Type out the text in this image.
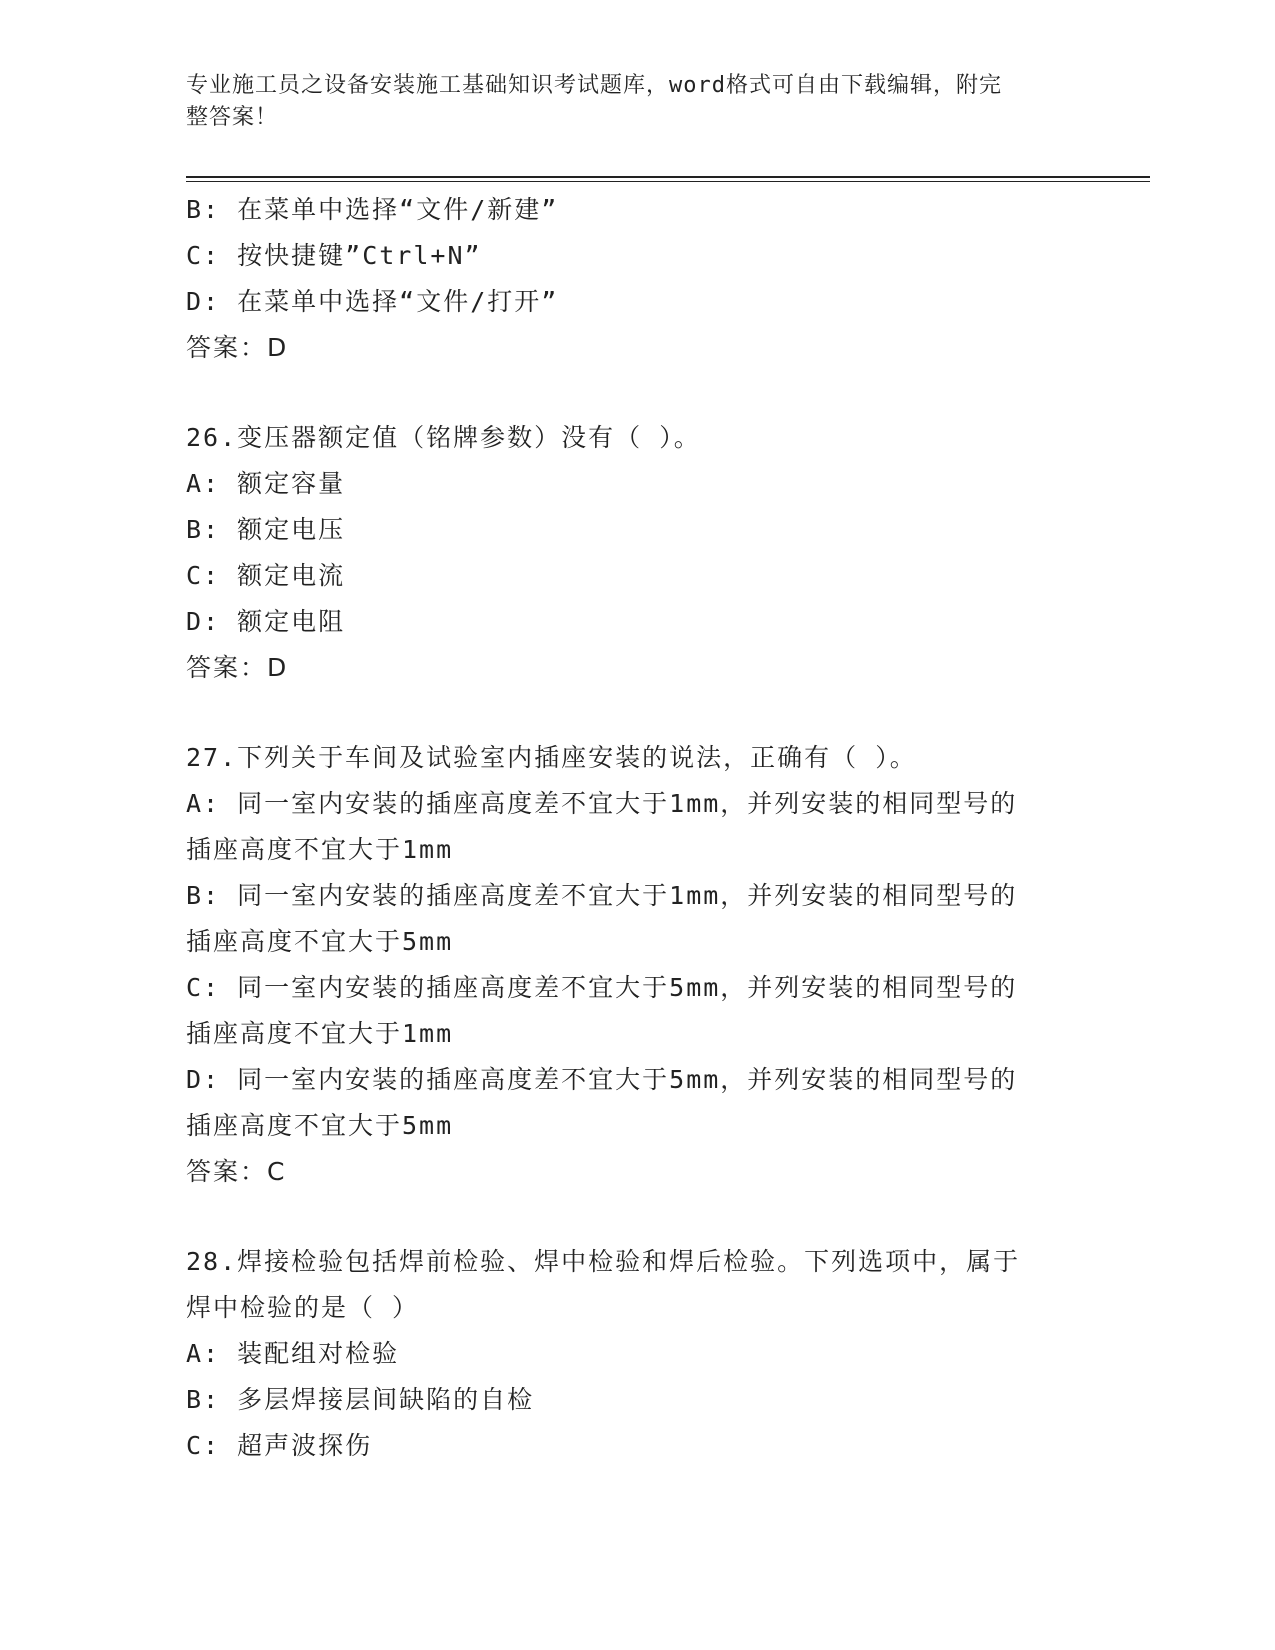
专业施工员之设备安装施工基础知识考试题库，word格式可自由下载编辑，附完
整答案！
B: 在菜单中选择“文件/新建”
C: 按快捷键”Ctrl+N”
D: 在菜单中选择“文件/打开”
答案：D
26.变压器额定值（铭牌参数）没有（ ）。
A: 额定容量
B: 额定电压
C: 额定电流
D: 额定电阻
答案：D
27.下列关于车间及试验室内插座安装的说法，正确有（ ）。
A: 同一室内安装的插座高度差不宜大于1mm，并列安装的相同型号的
插座高度不宜大于1mm
B: 同一室内安装的插座高度差不宜大于1mm，并列安装的相同型号的
插座高度不宜大于5mm
C: 同一室内安装的插座高度差不宜大于5mm，并列安装的相同型号的
插座高度不宜大于1mm
D: 同一室内安装的插座高度差不宜大于5mm，并列安装的相同型号的
插座高度不宜大于5mm
答案：C
28.焊接检验包括焊前检验、焊中检验和焊后检验。下列选项中，属于
焊中检验的是（ ）
A: 装配组对检验
B: 多层焊接层间缺陷的自检
C: 超声波探伤
